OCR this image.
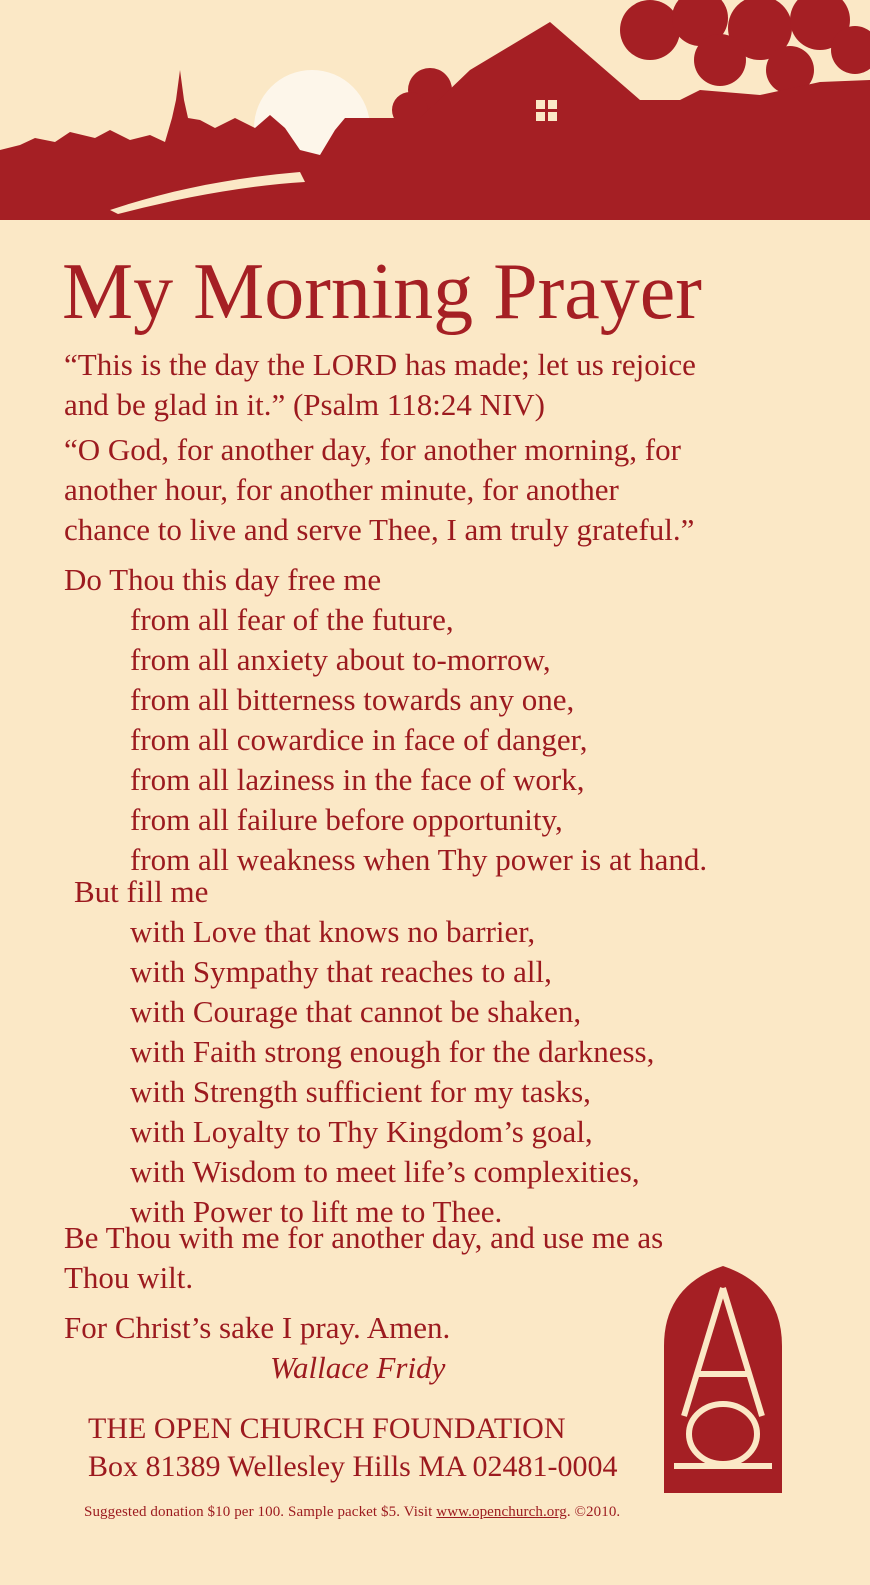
My Morning Prayer
“This is the day the LORD has made; let us rejoice
and be glad in it.” (Psalm 118:24 NIV)
“O God, for another day, for another morning, for
another hour, for another minute, for another
chance to live and serve Thee, I am truly grateful.”
Do Thou this day free me
from all fear of the future,
from all anxiety about to-morrow,
from all bitterness towards any one,
from all cowardice in face of danger,
from all laziness in the face of work,
from all failure before opportunity,
from all weakness when Thy power is at hand.
But fill me
with Love that knows no barrier,
with Sympathy that reaches to all,
with Courage that cannot be shaken,
with Faith strong enough for the darkness,
with Strength sufficient for my tasks,
with Loyalty to Thy Kingdom’s goal,
with Wisdom to meet life’s complexities,
with Power to lift me to Thee.
Be Thou with me for another day, and use me as
Thou wilt.
For Christ’s sake I pray. Amen.
Wallace Fridy
THE OPEN CHURCH FOUNDATION
Box 81389 Wellesley Hills MA 02481-0004
Suggested donation $10 per 100. Sample packet $5. Visit www.openchurch.org. ©2010.
